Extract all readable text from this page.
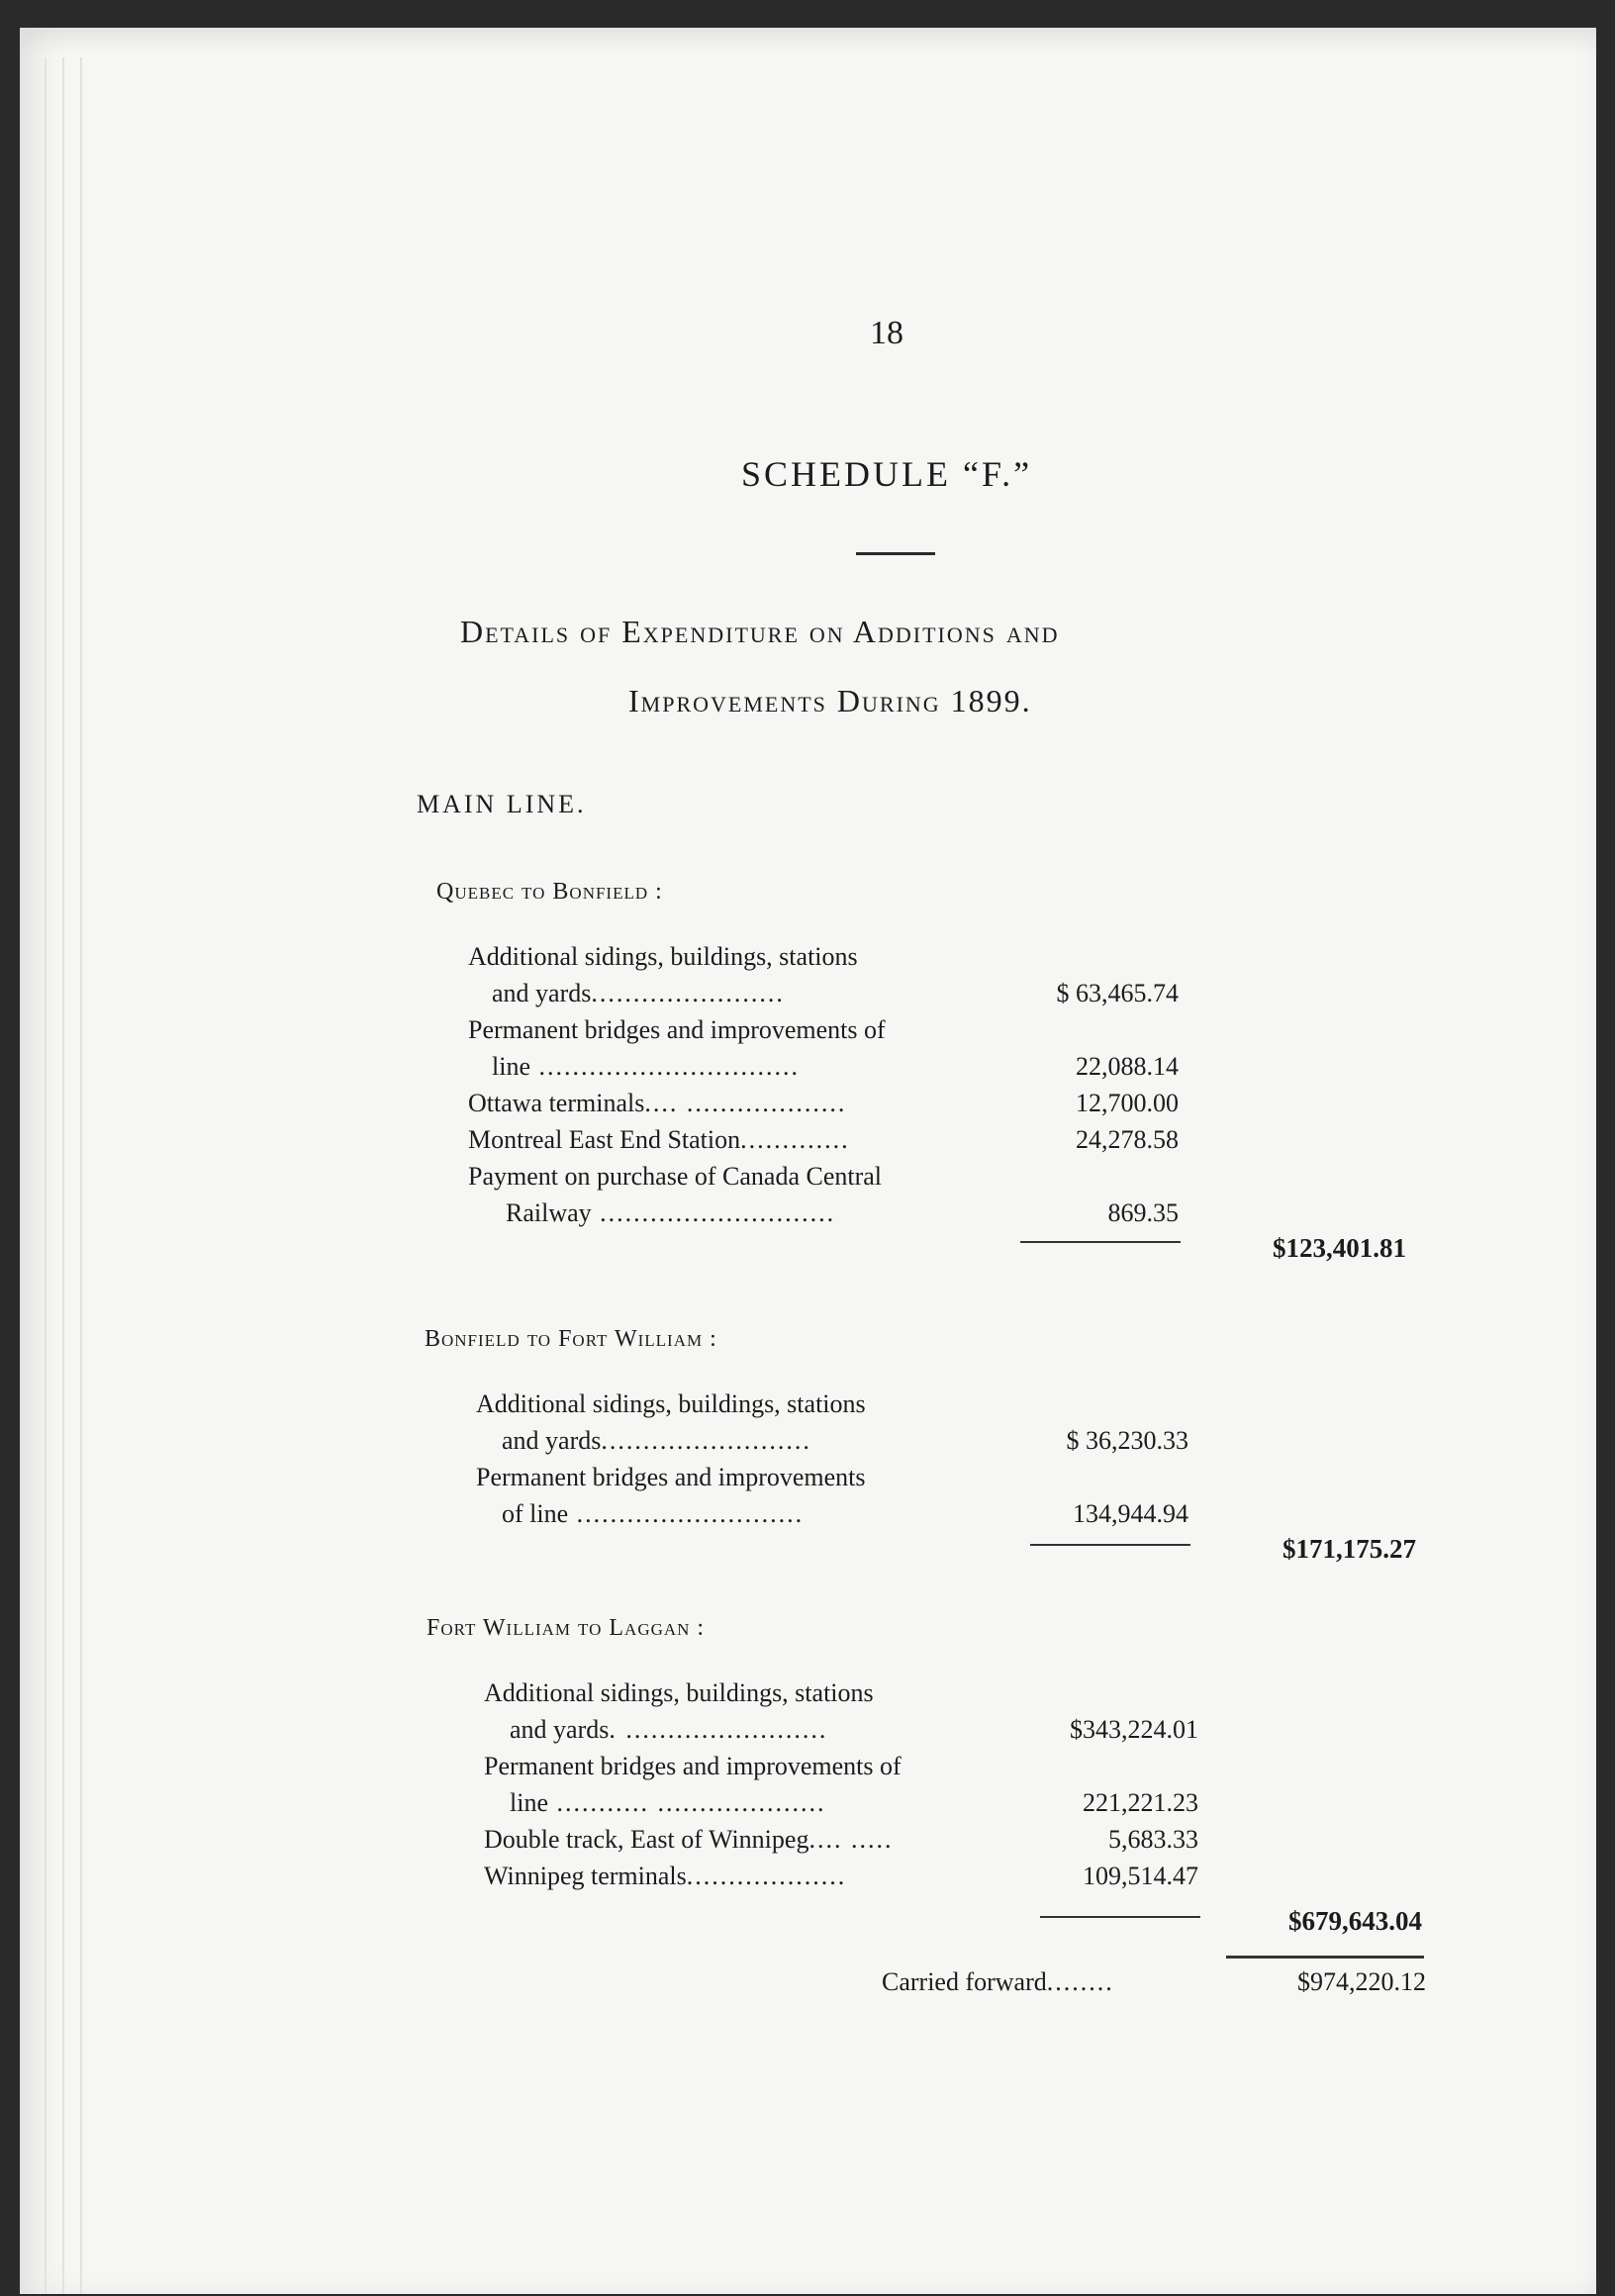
18
SCHEDULE “F.”
Details of Expenditure on Additions and
Improvements During 1899.
MAIN LINE.
Quebec to Bonfield :
Additional sidings, buildings, stations
and yards.......................	$ 63,465.74
Permanent bridges and improvements of
line ...............................	22,088.14
Ottawa terminals.... ...................	12,700.00
Montreal East End Station.............	24,278.58
Payment on purchase of Canada Central
Railway ............................	869.35
$123,401.81
Bonfield to Fort William :
Additional sidings, buildings, stations
and yards.........................	$ 36,230.33
Permanent bridges and improvements
of line ...........................	134,944.94
$171,175.27
Fort William to Laggan :
Additional sidings, buildings, stations
and yards. ........................	$343,224.01
Permanent bridges and improvements of
line ........... ....................	221,221.23
Double track, East of Winnipeg.... .....	5,683.33
Winnipeg terminals...................	109,514.47
$679,643.04
Carried forward........	$974,220.12
